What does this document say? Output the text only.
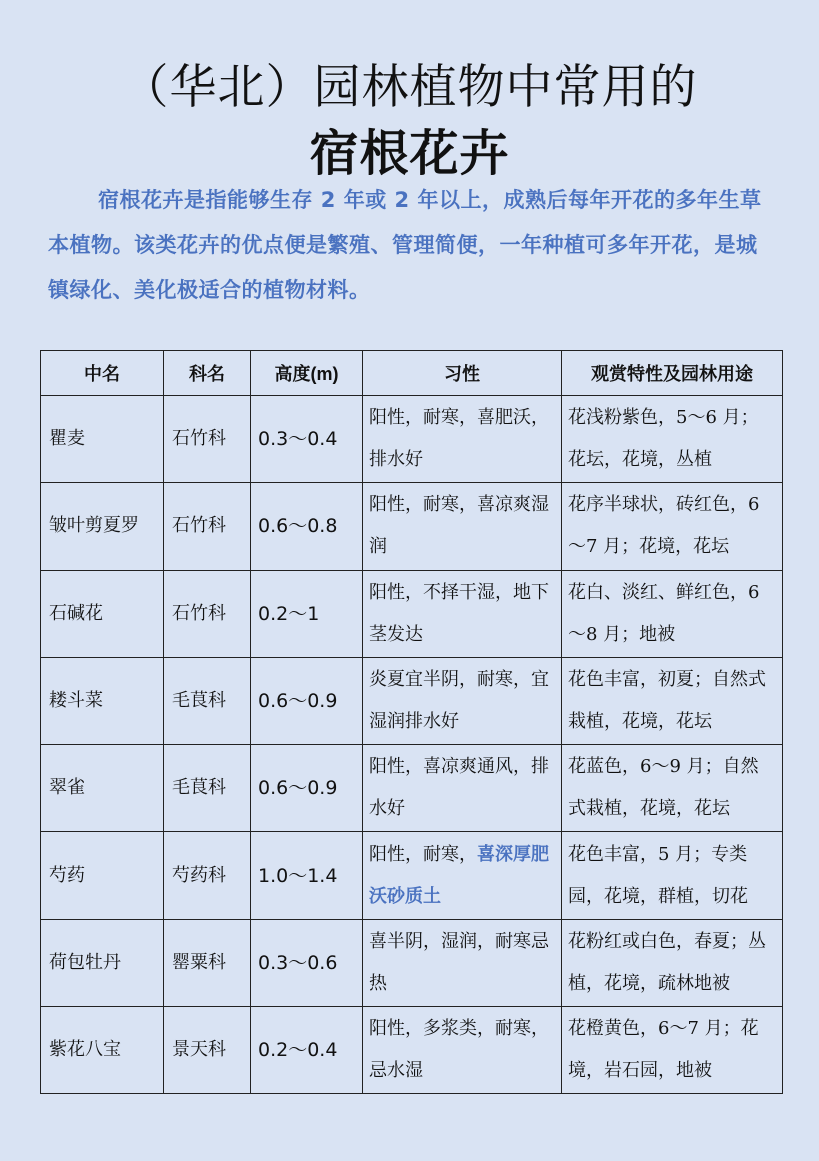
（华北）园林植物中常用的
宿根花卉

宿根花卉是指能够生存 2 年或 2 年以上，成熟后每年开花的多年生草本植物。该类花卉的优点便是繁殖、管理简便，一年种植可多年开花，是城镇绿化、美化极适合的植物材料。

中名	科名	高度(m)	习性	观赏特性及园林用途
瞿麦	石竹科	0.3～0.4	阳性，耐寒，喜肥沃，排水好	花浅粉紫色，5～6 月；花坛，花境，丛植
皱叶剪夏罗	石竹科	0.6～0.8	阳性，耐寒，喜凉爽湿润	花序半球状，砖红色，6～7 月；花境，花坛
石碱花	石竹科	0.2～1	阳性，不择干湿，地下茎发达	花白、淡红、鲜红色，6～8 月；地被
耧斗菜	毛茛科	0.6～0.9	炎夏宜半阴，耐寒，宜湿润排水好	花色丰富，初夏；自然式栽植，花境，花坛
翠雀	毛茛科	0.6～0.9	阳性，喜凉爽通风，排水好	花蓝色，6～9 月；自然式栽植，花境，花坛
芍药	芍药科	1.0～1.4	阳性，耐寒，喜深厚肥沃砂质土	花色丰富，5 月；专类园，花境，群植，切花
荷包牡丹	罂粟科	0.3～0.6	喜半阴，湿润，耐寒忌热	花粉红或白色，春夏；丛植，花境，疏林地被
紫花八宝	景天科	0.2～0.4	阳性，多浆类，耐寒，忌水湿	花橙黄色，6～7 月；花境，岩石园，地被
